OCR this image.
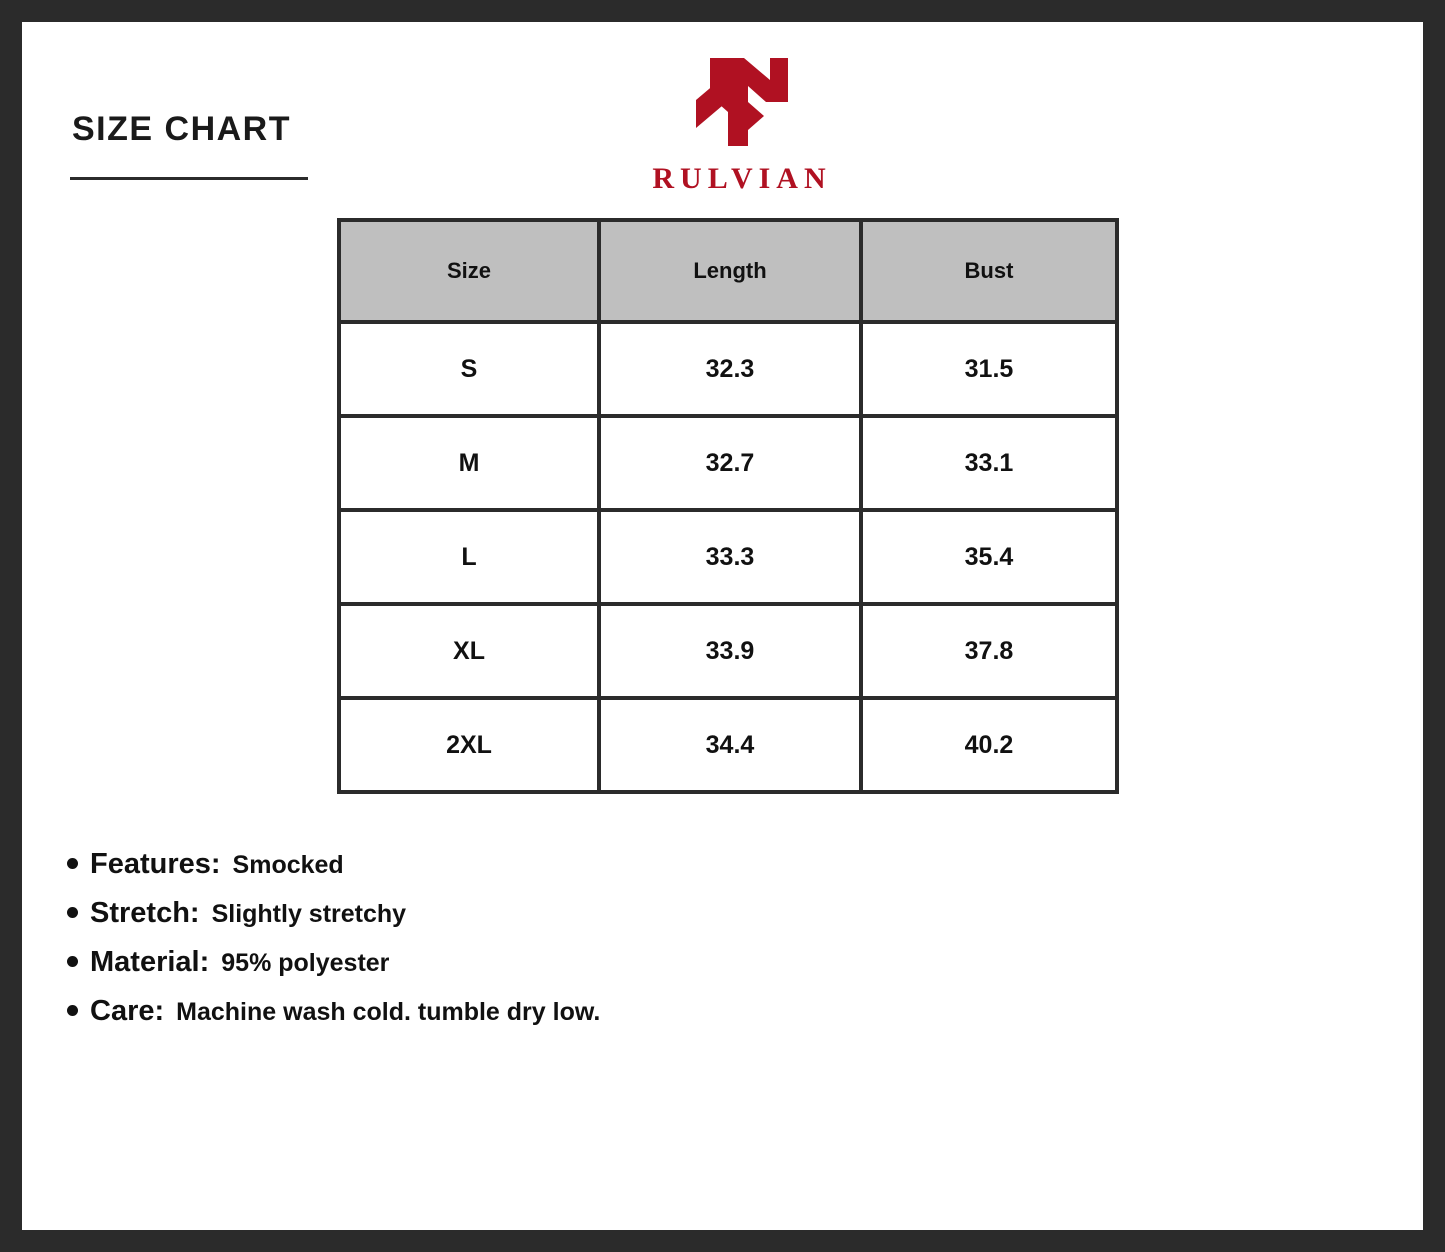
SIZE CHART
RULVIAN
Size	Length	Bust
S	32.3	31.5
M	32.7	33.1
L	33.3	35.4
XL	33.9	37.8
2XL	34.4	40.2
Features: Smocked
Stretch: Slightly stretchy
Material: 95% polyester
Care: Machine wash cold. tumble dry low.
